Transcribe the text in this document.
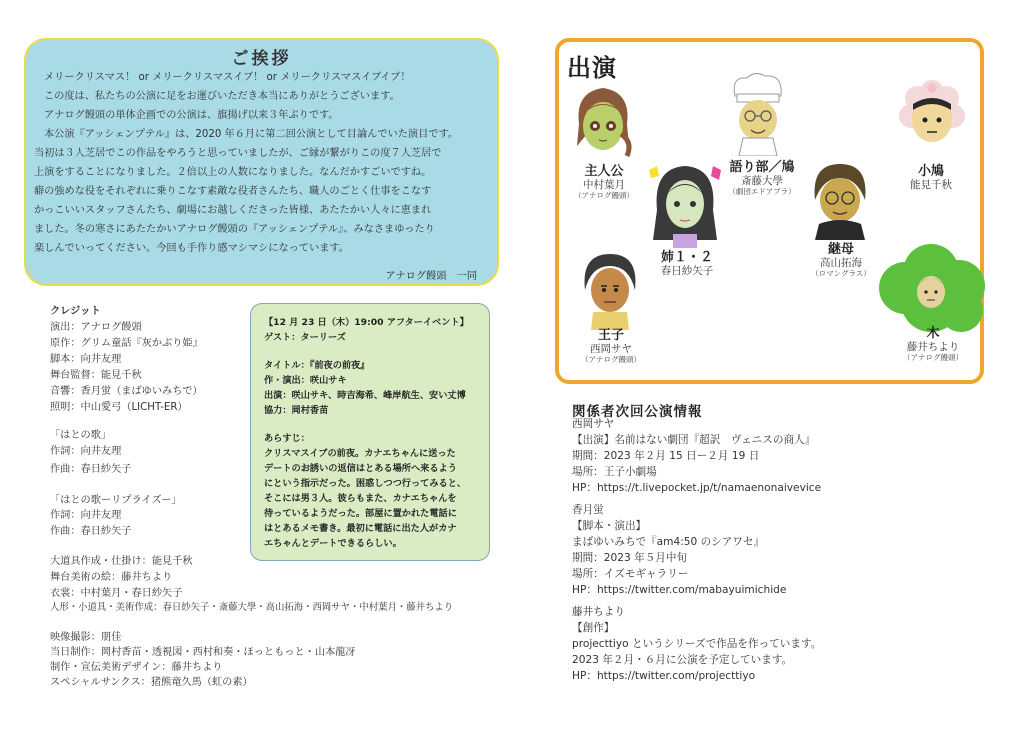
ご挨拶
メリークリスマス！ or メリークリスマスイブ！ or メリークリスマスイブイブ！
この度は、私たちの公演に足をお運びいただき本当にありがとうございます。
アナログ饅頭の単体企画での公演は、旗揚げ以来３年ぶりです。
本公演『アッシェンプテル』は、2020 年６月に第二回公演として目論んでいた演目です。
当初は３人芝居でこの作品をやろうと思っていましたが、ご縁が繋がりこの度７人芝居で
上演をすることになりました。２倍以上の人数になりました。なんだかすごいですね。
癖の強めな役をそれぞれに乗りこなす素敵な役者さんたち、職人のごとく仕事をこなす
かっこいいスタッフさんたち、劇場にお越しくださった皆様、あたたかい人々に恵まれ
ました。冬の寒さにあたたかいアナログ饅頭の『アッシェンプテル』、みなさまゆったり
楽しんでいってください。今回も手作り感マシマシになっています。
アナログ饅頭　一同
クレジット
演出：アナログ饅頭
原作：グリム童話『灰かぶり姫』
脚本：向井友理
舞台監督：能見千秋
音響：香月蛍（まばゆいみちで）
照明：中山愛弓（LICHT-ER）
「はとの歌」
作詞：向井友理
作曲：春日紗矢子
「はとの歌ーリプライズー」
作詞：向井友理
作曲：春日紗矢子
大道具作成・仕掛け：能見千秋
舞台美術の絵：藤井ちより
衣裳：中村葉月・春日紗矢子
人形・小道具・美術作成：春日紗矢子・斎藤大學・高山拓海・西岡サヤ・中村葉月・藤井ちより
映像撮影：朋佳
当日制作：岡村香苗・透視図・西村和奏・ほっともっと・山本龍冴
制作・宣伝美術デザイン：藤井ちより
スペシャルサンクス：猪熊竜久馬（虹の素）
【12 月 23 日（木）19:00 アフターイベント】
ゲスト：ターリーズ
タイトル：『前夜の前夜』
作・演出：咲山サキ
出演：咲山サキ、時吉海希、峰岸航生、安い丈博
協力：岡村香苗
あらすじ：
クリスマスイブの前夜。カナエちゃんに送った
デートのお誘いの返信はとある場所へ来るよう
にという指示だった。困惑しつつ行ってみると、
そこには男３人。彼らもまた、カナエちゃんを
待っているようだった。部屋に置かれた電話に
はとあるメモ書き。最初に電話に出た人がカナ
エちゃんとデートできるらしい。
出演
主人公
中村葉月
（アナログ饅頭）
語り部／鳩
斎藤大學
（劇団エドアブラ）
小鳩
能見千秋
姉１・２
春日紗矢子
継母
高山拓海
（ロマングラス）
王子
西岡サヤ
（アナログ饅頭）
木
藤井ちより
（アナログ饅頭）
関係者次回公演情報
西岡サヤ
【出演】名前はない劇団『超訳　ヴェニスの商人』
期間：2023 年２月 15 日ー２月 19 日
場所：王子小劇場
HP：https://t.livepocket.jp/t/namaenonaivevice
香月蛍
【脚本・演出】
まばゆいみちで『am4:50 のシアワセ』
期間：2023 年５月中旬
場所：イズモギャラリー
HP：https://twitter.com/mabayuimichide
藤井ちより
【創作】
projecttiyo というシリーズで作品を作っています。
2023 年２月・６月に公演を予定しています。
HP：https://twitter.com/projecttiyo
